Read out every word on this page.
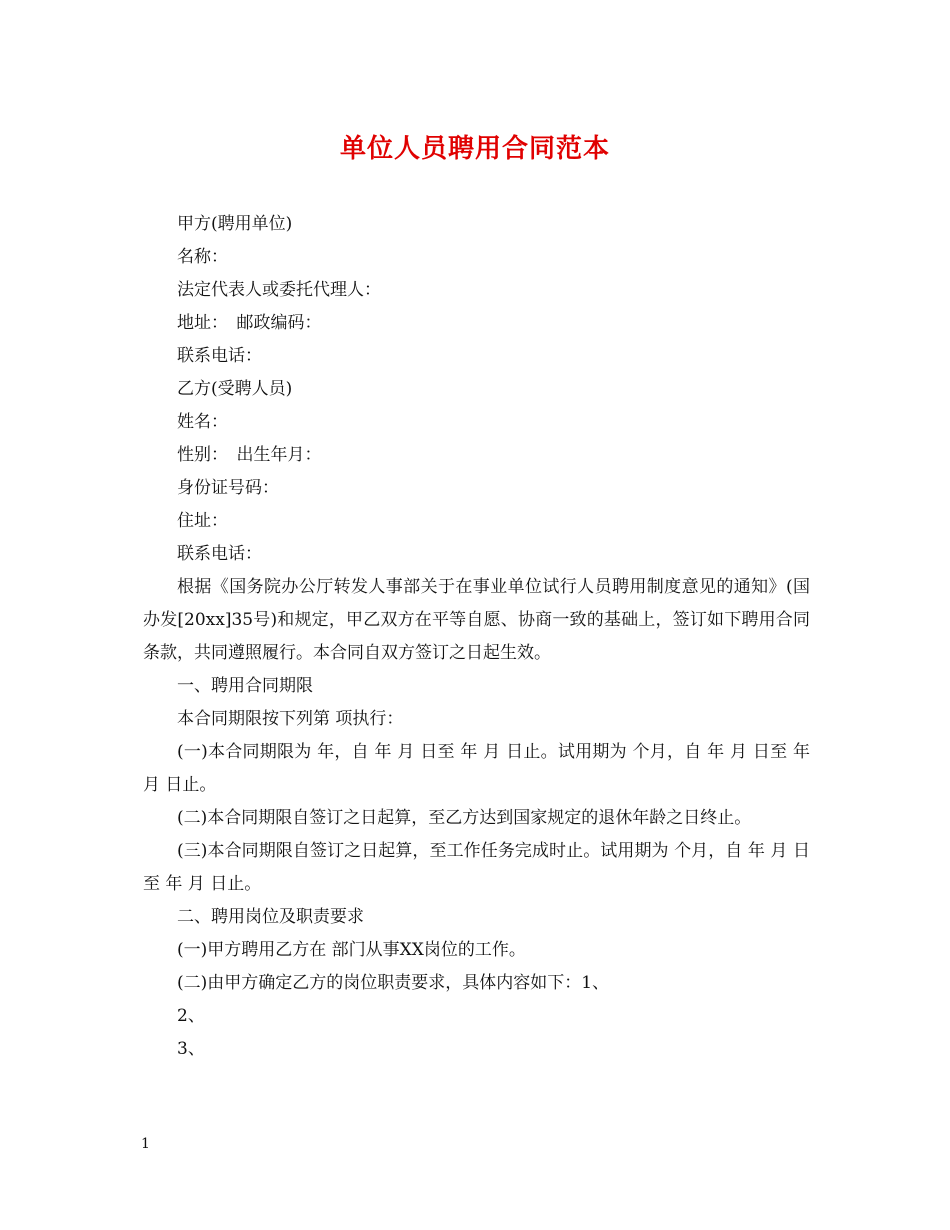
单位人员聘用合同范本

甲方(聘用单位)

名称：

法定代表人或委托代理人：

地址：　邮政编码：

联系电话：

乙方(受聘人员)

姓名：

性别：　出生年月：

身份证号码：

住址：

联系电话：

根据《国务院办公厅转发人事部关于在事业单位试行人员聘用制度意见的通知》(国办发[20xx]35号)和规定，甲乙双方在平等自愿、协商一致的基础上，签订如下聘用合同条款，共同遵照履行。本合同自双方签订之日起生效。

一、聘用合同期限

本合同期限按下列第 项执行：

(一)本合同期限为 年，自 年 月 日至 年 月 日止。试用期为 个月，自 年 月 日至 年 月 日止。

(二)本合同期限自签订之日起算，至乙方达到国家规定的退休年龄之日终止。

(三)本合同期限自签订之日起算，至工作任务完成时止。试用期为 个月，自 年 月 日至 年 月 日止。

二、聘用岗位及职责要求

(一)甲方聘用乙方在 部门从事XX岗位的工作。

(二)由甲方确定乙方的岗位职责要求，具体内容如下：1、

2、

3、

1
